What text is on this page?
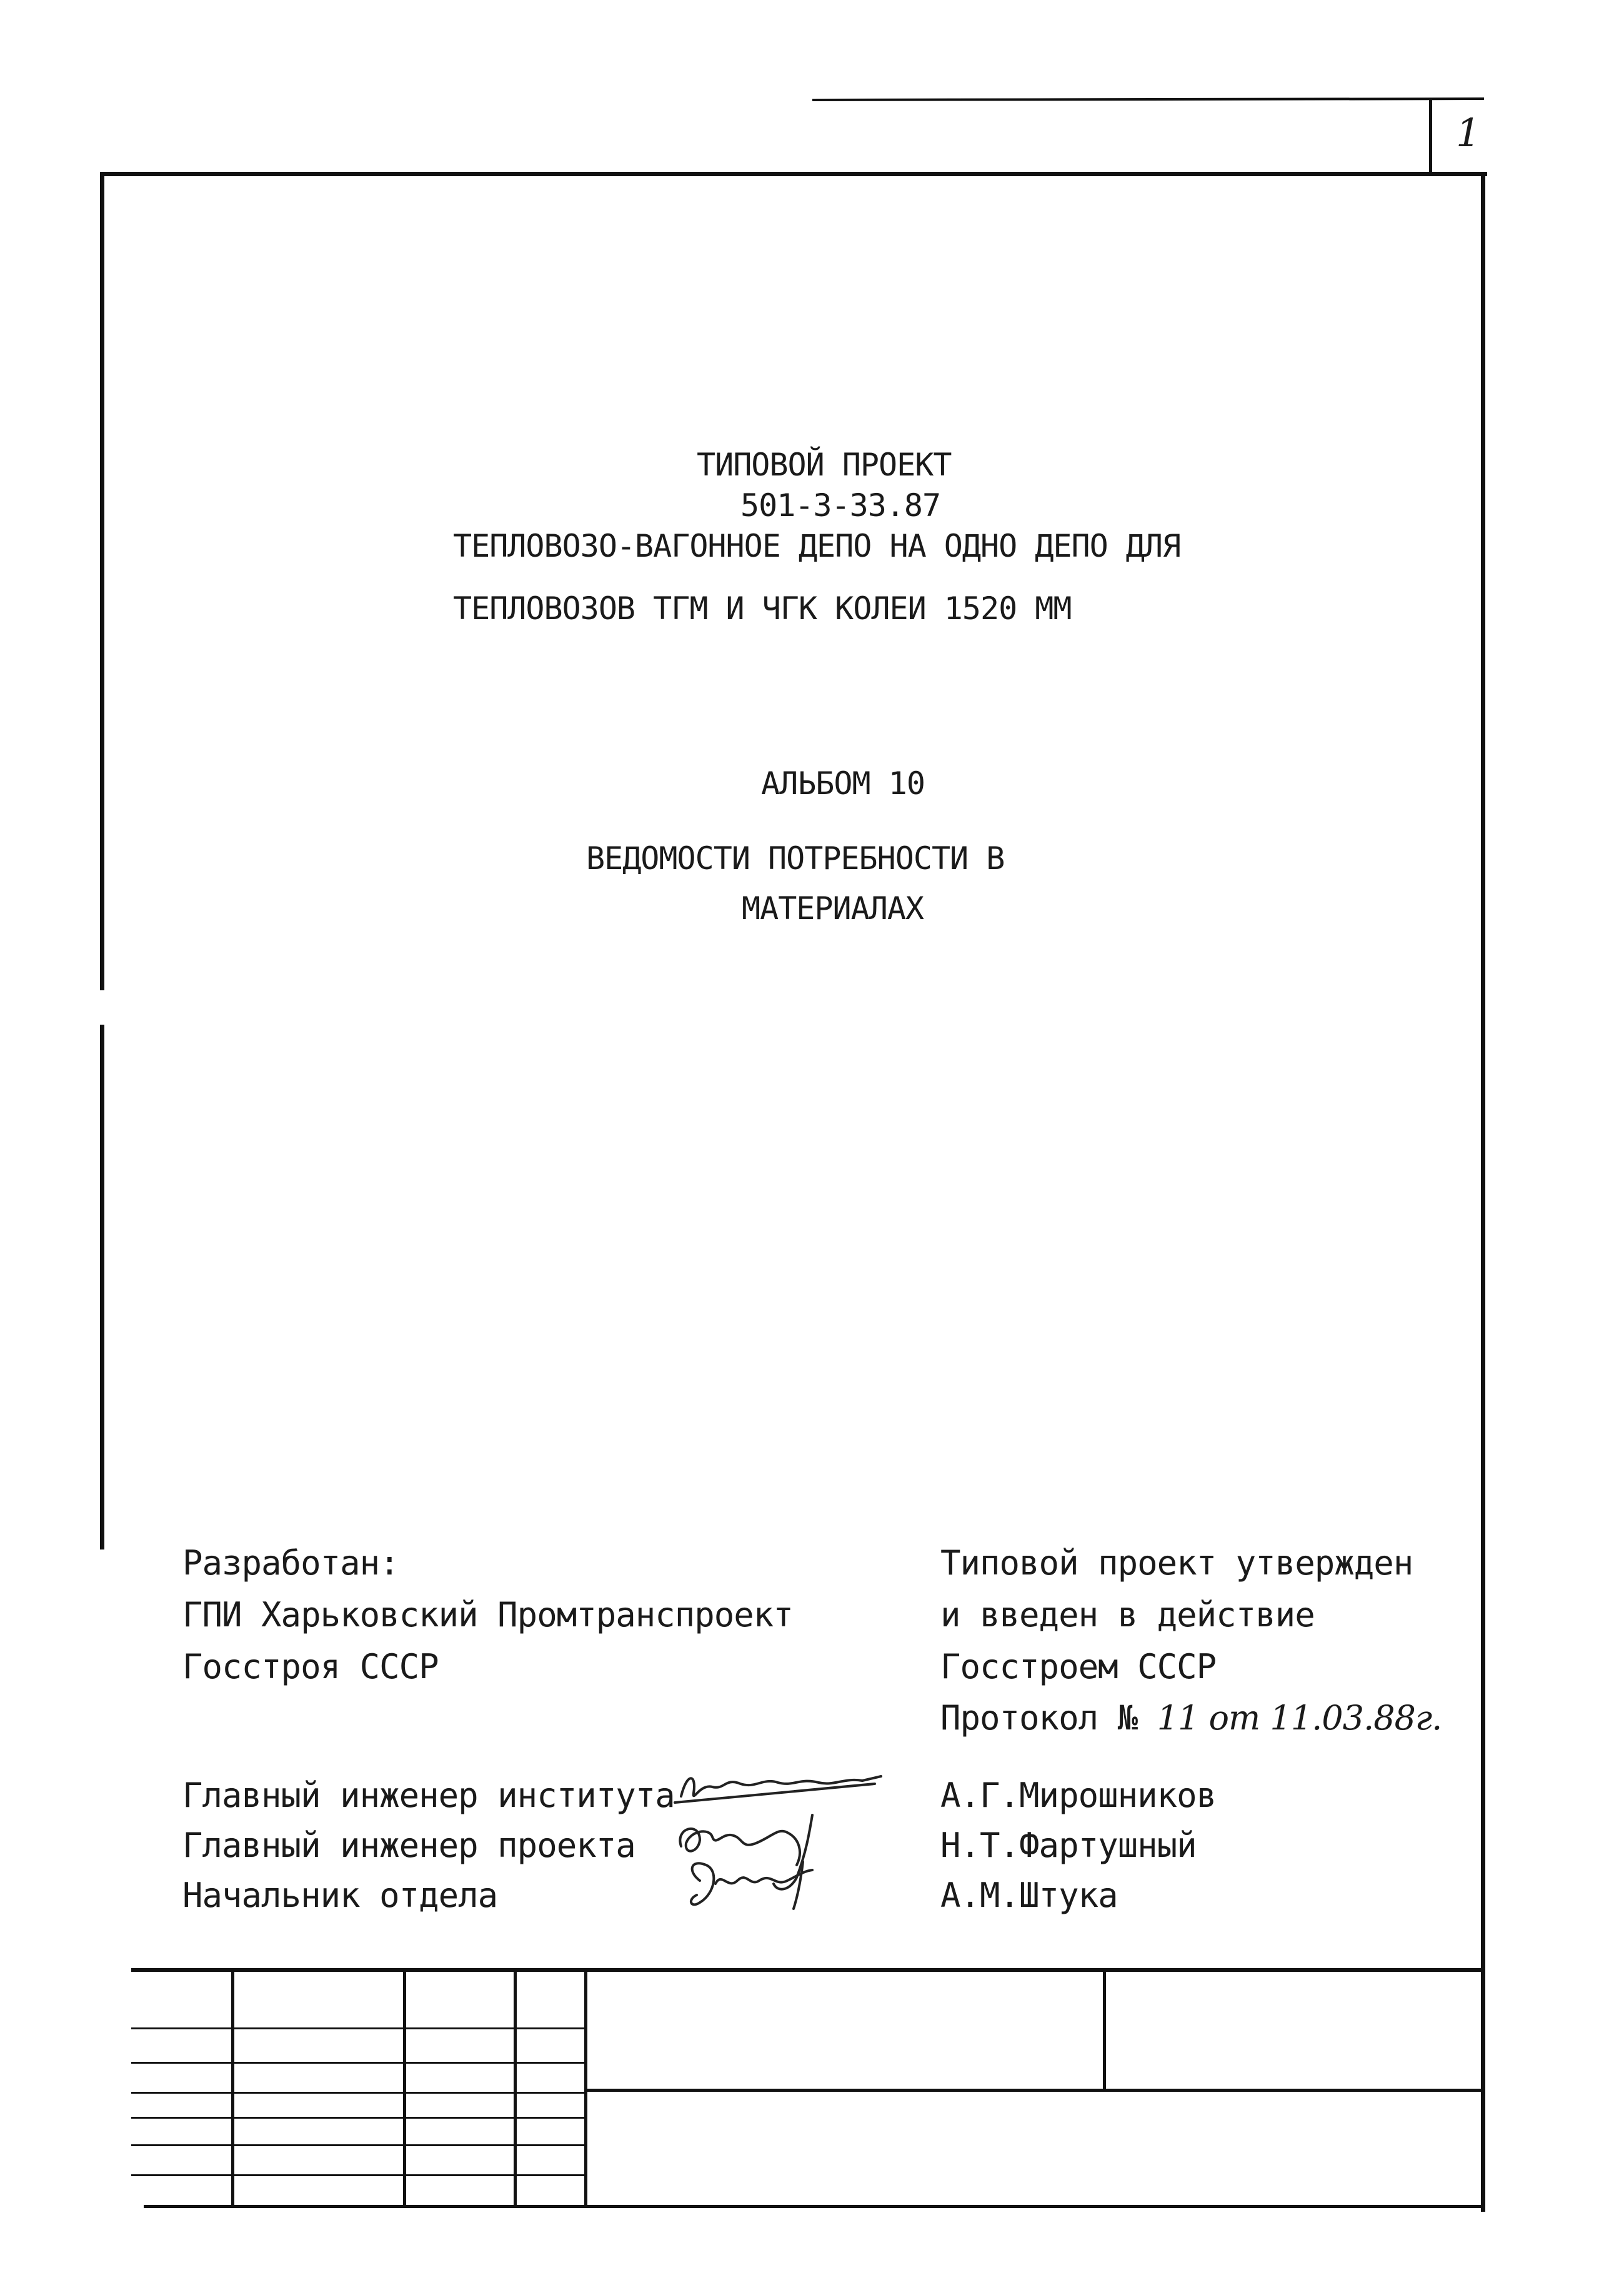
1
ТИПОВОЙ ПРОЕКТ
501-3-33.87
ТЕПЛОВОЗО-ВАГОННОЕ ДЕПО НА ОДНО ДЕПО ДЛЯ
ТЕПЛОВОЗОВ ТГМ И ЧГК КОЛЕИ 1520 ММ
АЛЬБОМ 10
ВЕДОМОСТИ ПОТРЕБНОСТИ В
МАТЕРИАЛАХ
Разработан:
ГПИ Харьковский Промтранспроект
Госстроя СССР
Типовой проект утвержден
и введен в действие
Госстроем СССР
Протокол № 11 от 11.03.88г.
Главный инженер института
Главный инженер проекта
Начальник отдела
А.Г.Мирошников
Н.Т.Фартушный
А.М.Штука
